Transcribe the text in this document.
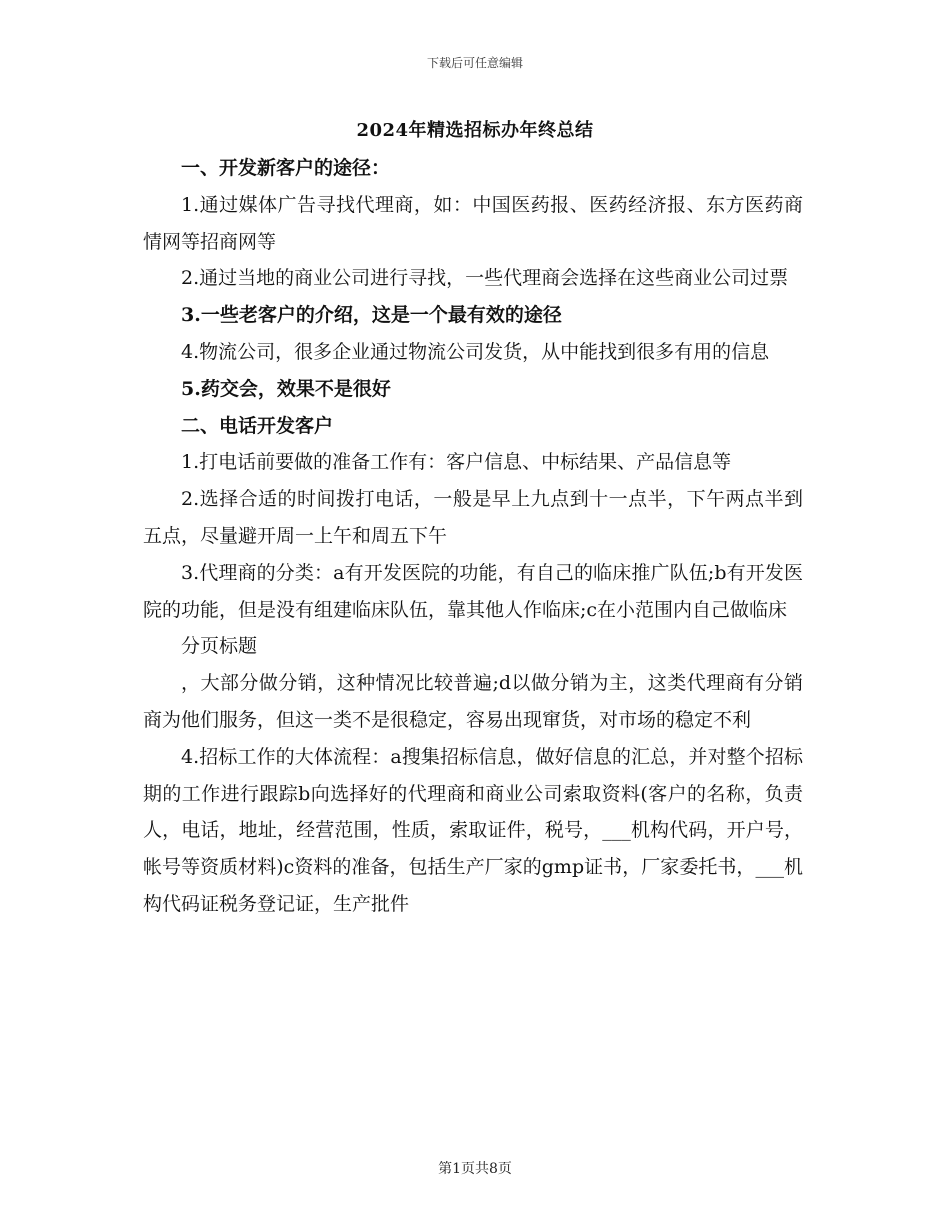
下载后可任意编辑
2024年精选招标办年终总结

一、开发新客户的途径：

1.通过媒体广告寻找代理商，如：中国医药报、医药经济报、东方医药商情网等招商网等

2.通过当地的商业公司进行寻找，一些代理商会选择在这些商业公司过票

3.一些老客户的介绍，这是一个最有效的途径

4.物流公司，很多企业通过物流公司发货，从中能找到很多有用的信息

5.药交会，效果不是很好

二、电话开发客户

1.打电话前要做的准备工作有：客户信息、中标结果、产品信息等

2.选择合适的时间拨打电话，一般是早上九点到十一点半，下午两点半到五点，尽量避开周一上午和周五下午

3.代理商的分类：a有开发医院的功能，有自己的临床推广队伍;b有开发医院的功能，但是没有组建临床队伍，靠其他人作临床;c在小范围内自己做临床

分页标题

，大部分做分销，这种情况比较普遍;d以做分销为主，这类代理商有分销商为他们服务，但这一类不是很稳定，容易出现窜货，对市场的稳定不利

4.招标工作的大体流程：a搜集招标信息，做好信息的汇总，并对整个招标期的工作进行跟踪b向选择好的代理商和商业公司索取资料(客户的名称，负责人，电话，地址，经营范围，性质，索取证件，税号，___机构代码，开户号，帐号等资质材料)c资料的准备，包括生产厂家的gmp证书，厂家委托书，___机构代码证税务登记证，生产批件

第1页共8页
